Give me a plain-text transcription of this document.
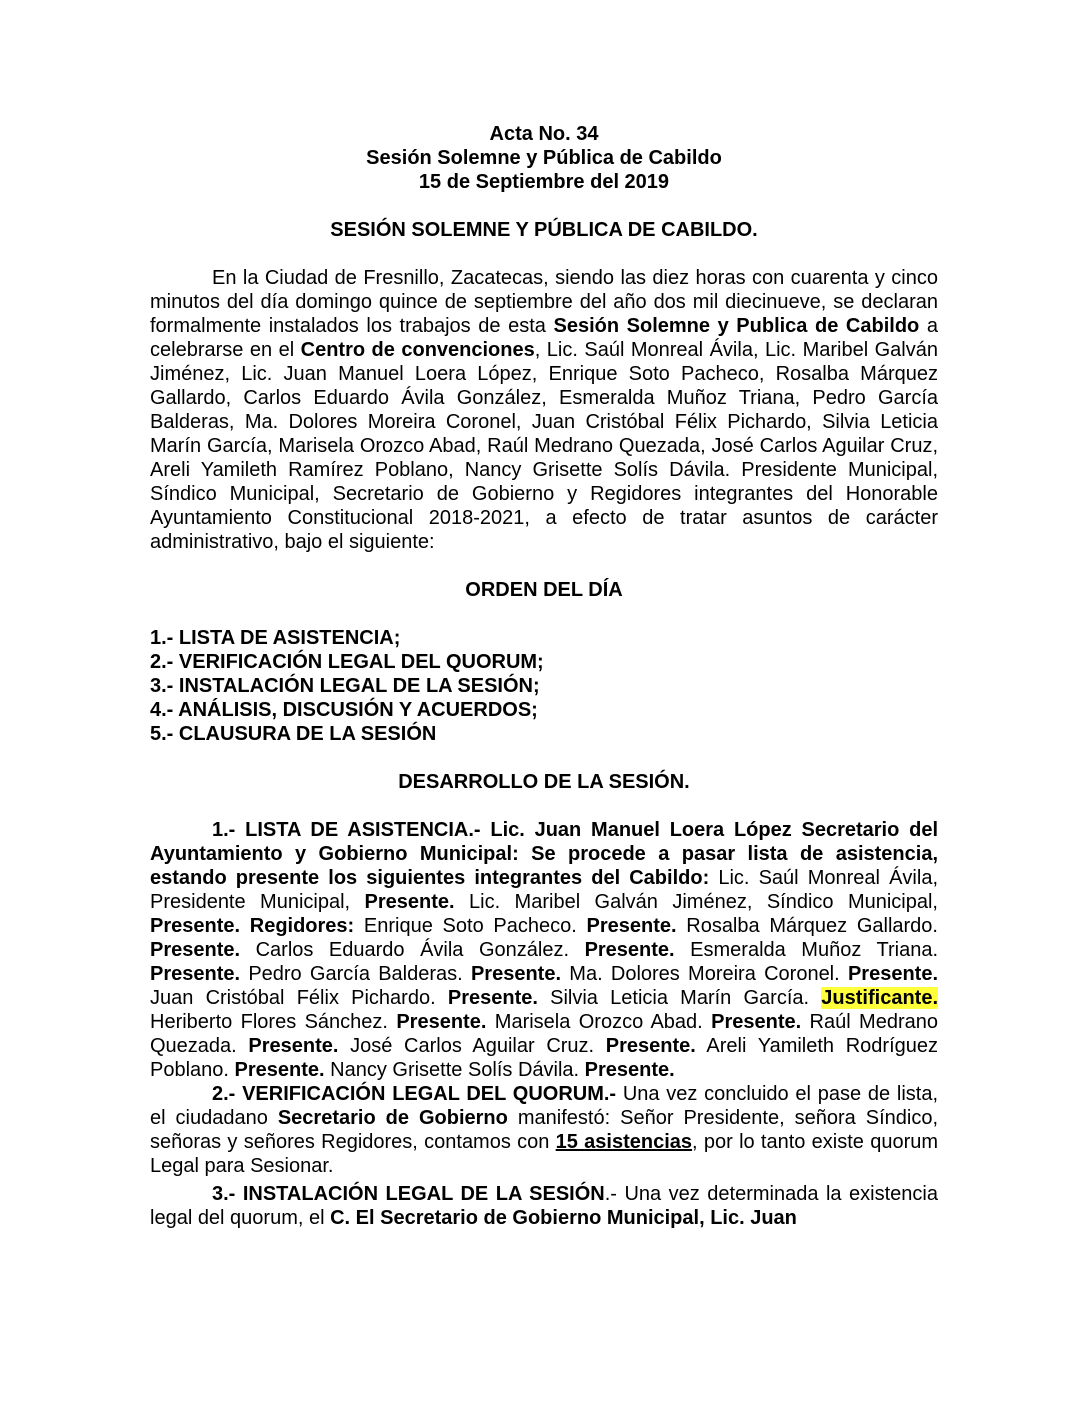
Acta No. 34

Sesión Solemne y Pública de Cabildo

15 de Septiembre del 2019

SESIÓN SOLEMNE Y PÚBLICA DE CABILDO.

En la Ciudad de Fresnillo, Zacatecas, siendo las diez horas con cuarenta y cinco minutos del día domingo quince de septiembre del año dos mil diecinueve, se declaran formalmente instalados los trabajos de esta Sesión Solemne y Publica de Cabildo a celebrarse en el Centro de convenciones, Lic. Saúl Monreal Ávila, Lic. Maribel Galván Jiménez, Lic. Juan Manuel Loera López, Enrique Soto Pacheco, Rosalba Márquez Gallardo, Carlos Eduardo Ávila González, Esmeralda Muñoz Triana, Pedro García Balderas, Ma. Dolores Moreira Coronel, Juan Cristóbal Félix Pichardo, Silvia Leticia Marín García, Marisela Orozco Abad, Raúl Medrano Quezada, José Carlos Aguilar Cruz, Areli Yamileth Ramírez Poblano, Nancy Grisette Solís Dávila. Presidente Municipal, Síndico Municipal, Secretario de Gobierno y Regidores integrantes del Honorable Ayuntamiento Constitucional 2018-2021, a efecto de tratar asuntos de carácter administrativo, bajo el siguiente:

ORDEN DEL DÍA

1.- LISTA DE ASISTENCIA;

2.- VERIFICACIÓN LEGAL DEL QUORUM;

3.- INSTALACIÓN LEGAL DE LA SESIÓN;

4.- ANÁLISIS, DISCUSIÓN Y ACUERDOS;

5.- CLAUSURA DE LA SESIÓN

DESARROLLO DE LA SESIÓN.

1.- LISTA DE ASISTENCIA.- Lic. Juan Manuel Loera López Secretario del Ayuntamiento y Gobierno Municipal: Se procede a pasar lista de asistencia, estando presente los siguientes integrantes del Cabildo: Lic. Saúl Monreal Ávila, Presidente Municipal, Presente. Lic. Maribel Galván Jiménez, Síndico Municipal, Presente. Regidores: Enrique Soto Pacheco. Presente. Rosalba Márquez Gallardo. Presente. Carlos Eduardo Ávila González. Presente. Esmeralda Muñoz Triana. Presente. Pedro García Balderas. Presente. Ma. Dolores Moreira Coronel. Presente. Juan Cristóbal Félix Pichardo. Presente. Silvia Leticia Marín García. Justificante. Heriberto Flores Sánchez. Presente. Marisela Orozco Abad. Presente. Raúl Medrano Quezada. Presente. José Carlos Aguilar Cruz. Presente. Areli Yamileth Rodríguez Poblano. Presente. Nancy Grisette Solís Dávila. Presente.

2.- VERIFICACIÓN LEGAL DEL QUORUM.- Una vez concluido el pase de lista, el ciudadano Secretario de Gobierno manifestó: Señor Presidente, señora Síndico, señoras y señores Regidores, contamos con 15 asistencias, por lo tanto existe quorum Legal para Sesionar.

3.- INSTALACIÓN LEGAL DE LA SESIÓN.- Una vez determinada la existencia legal del quorum, el C. El Secretario de Gobierno Municipal, Lic. Juan
